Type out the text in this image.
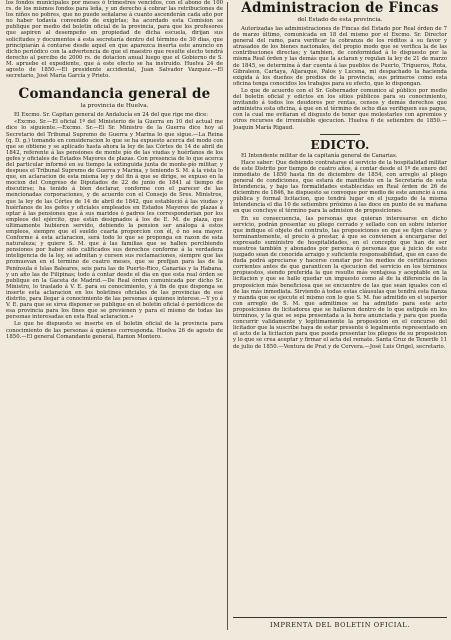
los fondos municipales por meses ó trimestres vencidos, con el abono de 100 rs. de los mismos fondos para leña, y un derecho á cobrar las retribuciones de los niños no pobres, que no puede señalarse á cuanto ascenderán cada año por no haber todavía convenido de exigirlas; ha acordado esta Comision se publique por medio del boletin oficial de la provincia, para que los profesores que aspiren al desempeño en propiedad de dicha escuela, dirijan sus solicitudes y documentos á esta secretaría dentro del término de 30 dias, que principiarán á contarse desde aquel en que aparezca inserta este anuncio en dicho periódico con la advertencia de que el maestro que resulte electo tendrá derecho al percibo de 2000 rs. de dotacion anual luego que el Gobierno de S. M. apruebe el expediente, que á este efecto se ha instruido. Huelva 24 de agosto de 1850.—El presidente accidental, Juan Salvador Vazquez.—El secretario, José María García y Prieto.

Comandancia general de
la provincia de Huelva.

El Excmo. Sr. Capitan general de Andalucía en 24 del que rige me dice:

«Excmo. Sr.—El oficial 1º del Ministerio de la Guerra en 10 del actual me dice lo siguiente.—Excmo. Sr.—El Sr. Ministro de la Guerra dice hoy al Secretario del Tribunal Supremo de Guerra y Marina lo que sigue.—La Reina (q. D. g.) tomando en consideracion lo que se ha expuesto acerca del modo con que se obtiene y se aplicado hasta ahora la ley de las Córtes de 14 de abril de 1842, referente á las pensiones de monte pío de las viudas y huérfanos de los gefes y oficiales de Estados Mayores de plazas. Con presencia de lo que acerca del particular informó en su tiempo la extinguida junta de monte-pío militar, y despues el Tribunal Supremo de Guerra y Marina, y teniendo S. M. á la vista lo que, en aclaracion de esta misma ley y del fin á que se dirige, se expuso en la mocion del Congreso de Diputados de 22 de junio de 1841 al tiempo de discutirse; ha tenido á bien declarar, conforme con el parecer de las mencionadas corporaciones, y de acuerdo con el Consejo de Sres. Ministros, que la ley de las Córtes de 14 de abril de 1842, que estableció á las viudas y huérfanos de los gefes y oficiales empleados en Estados Mayores de plazas á optar á las pensiones que á sus maridos ó padres les corresponderian por los empleos del ejército, que están designados á los de E. M. de plaza, que ultimamente hubieren servido, debiendo la pension ser análoga á estos empleos, siempre que el sueldo cuarta proporcion con él, ó no sea mayor. Conforme á esta aclaracion, será todo lo que se proponga en razon de esta naturaleza; y quiere S. M. que á las familias que se hallen percibiendo pensiones por haber sido calificados sus derechos conforme á la verdadera inteligencia de la ley, se admitan y cursen sus reclamaciones, siempre que las promuevan en el término de cuatro meses, que se prefijan para las de la Península é Islas Baleares, seis para las de Puerto-Rico, Canarias y la Habana, y un año las de Filipinas; todo á contar desde el dia en que esta real órden se publique en la Gaceta de Madrid.—De Real órden comunicada por dicho Sr. Ministro, lo traslado á V. E. para su conocimiento, y á fin de que disponga se inserte esta aclaracion en los boletines oficiales de las provincias de ese distrito, para llegar á conocimiento de las personas á quienes interese.—Y yo á V. E. para que se sirva disponer se publique en el boletin oficial ó periódicos de esa provincia para los fines que se previenen y para el mismo de todas las personas interesadas en esta Real aclaracion.»

Lo que he dispuesto se inserte en el boletin oficial de la provincia para conocimiento de las personas á quienes corresponda. Huelva 26 de agosto de 1850.—El general Comandante general, Ramon Montero.

Administracion de Fincas
del Estado de esta provincia.

Autorizadas las administraciones de Fincas del Estado por Real órden de 7 de marzo último, comunicada en 18 del mismo por el Excmo. Sr. Director general del ramo, para verificar la cobranza de los réditos á su favor y atrasados de los bienes nacionales, del propio modo que se verifica la de las contribuciones directas; y tambien, de conformidad á lo dispuesto por la misma Real órden y las demás que la aclaran y regulan la ley de 21 de marzo de 1845, se determina á dar cuenta á las pueblos de Puerto, Trigueros, Rota, Gibraleon, Cartaya, Aljaraque, Palos y Lucena, mi despachado la hacienda exigida á los dueños de predios de la provincia, sus primeros como esta oficina tenga conocidos los trabajos para su efecto, que lo dispongan.

Lo que de acuerdo con el Sr. Gobernador comunico al público por medio del boletin oficial y edictos en los sitios públicos para su conocimiento, invitando á todos los deudores por rentas, censos y demás derechos que administra esta oficina, á que en el término de ocho días verifiquen sus pagos, con la cual me evitaran el disgusto de tener que molestarles con apremios y otros recursos de irremisible ejecucion. Huelva 6 de setiembre de 1850.—Joaquin María Rigaud.

EDICTO.

El Intendente militar de la capitanía general de Canarias.

Hace saber: Que debiendo contratarse el servicio de la hospitalidad militar de este Distrito por tiempo de cuatro años, á contar desde el 1º de enero del inmediato de 1850 hasta fin de diciembre de 1854, con arreglo al pliego general de condiciones, que estará de manifiesto en la Secretaría de esta Intendencia, y bajo las formalidades establecidas en Real órden de 26 de diciembre de 1846, he dispuesto se convoque por medio de este anuncio á una pública y formal licitacion, que tendrá lugar en el juzgado de la misma Intendencia el dia 10 de setiembre próximo á las doce en punto de su mañana en que concluye el término para la admision de proposiciones.

En su consecuencia, las personas que quieran interesarse en dicho servicio, podrán presentar su pliego cerrado y sellado con un sobre interior que indique el objeto del contrato, las proposiciones en que se fijen claras y terminantemente, el precio á prestar, á que se convienen á encargarse del expresado suministro de hospitalidades, en el concepto que han de ser nuestros también y abonados por persona ó personas que á juicio de este juzgado sean de conocida arraigo y suficiente responsabilidad, que en caso de duda podrá apreciarse y hacerse constar por los medios de certificaciones corrientes antes de que garanticen la ejecucion del servicio en los términos propuestos, siendo preferida la que resulte más ventajosa y aceptable en la licitacion y que se halle quedar un impuesto como al de la diferencia de la proposicion más beneficiosa que se encuentre de las que sean iguales con el de las más inmediata. Sirviendo á todas estas cláusulas que tendrá esta fianza y manda que se ejecute el mismo con lo que S. M. fue admitido en el superior con arreglo de S. M. que admitimos se ha admitido para este acto proposiciones de licitadores que se hallaren dentro de lo que estipule en los términos, y la que se sepa presentada a la hora anunciada y para que pueda concurrir validamente y legítimamente la proposicion en el concurso del licitador que la suscribe haya de estar presente ó legalmente representado en el acto de la licitacion para que pueda presentar los pliegos de su proposicion y lo que se crea aceptar y firmar el acta del remate. Santa Cruz de Tenerife 11 de julio de 1850.—Ventura de Prat y de Cervera.—José Luis Origel, secretario.

IMPRENTA DEL BOLETIN OFICIAL.
